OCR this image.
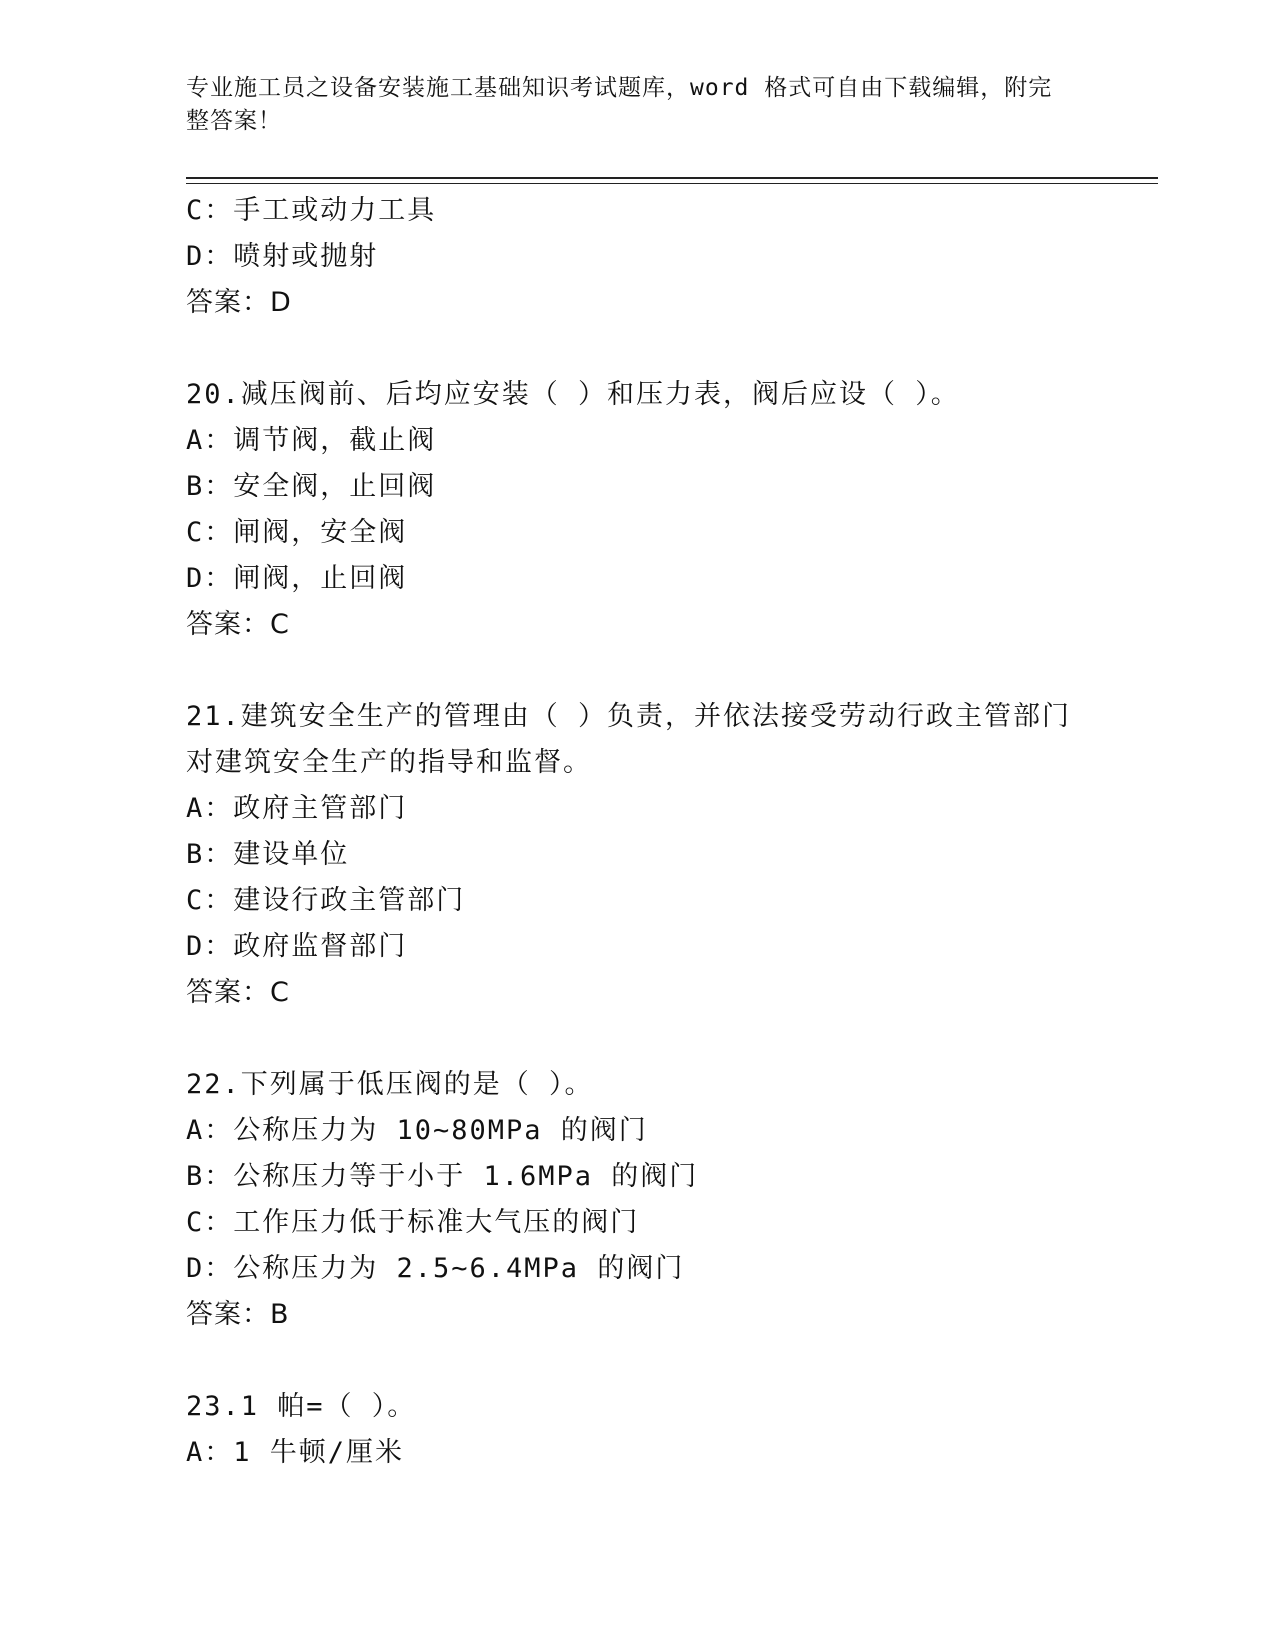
专业施工员之设备安装施工基础知识考试题库，word 格式可自由下载编辑，附完
整答案！
C：手工或动力工具
D：喷射或抛射
答案：D
20.减压阀前、后均应安装（ ）和压力表，阀后应设（ ）。
A：调节阀，截止阀
B：安全阀，止回阀
C：闸阀，安全阀
D：闸阀，止回阀
答案：C
21.建筑安全生产的管理由（ ）负责，并依法接受劳动行政主管部门
对建筑安全生产的指导和监督。
A：政府主管部门
B：建设单位
C：建设行政主管部门
D：政府监督部门
答案：C
22.下列属于低压阀的是（ ）。
A：公称压力为 10~80MPa 的阀门
B：公称压力等于小于 1.6MPa 的阀门
C：工作压力低于标准大气压的阀门
D：公称压力为 2.5~6.4MPa 的阀门
答案：B
23.1 帕=（ ）。
A：1 牛顿/厘米
